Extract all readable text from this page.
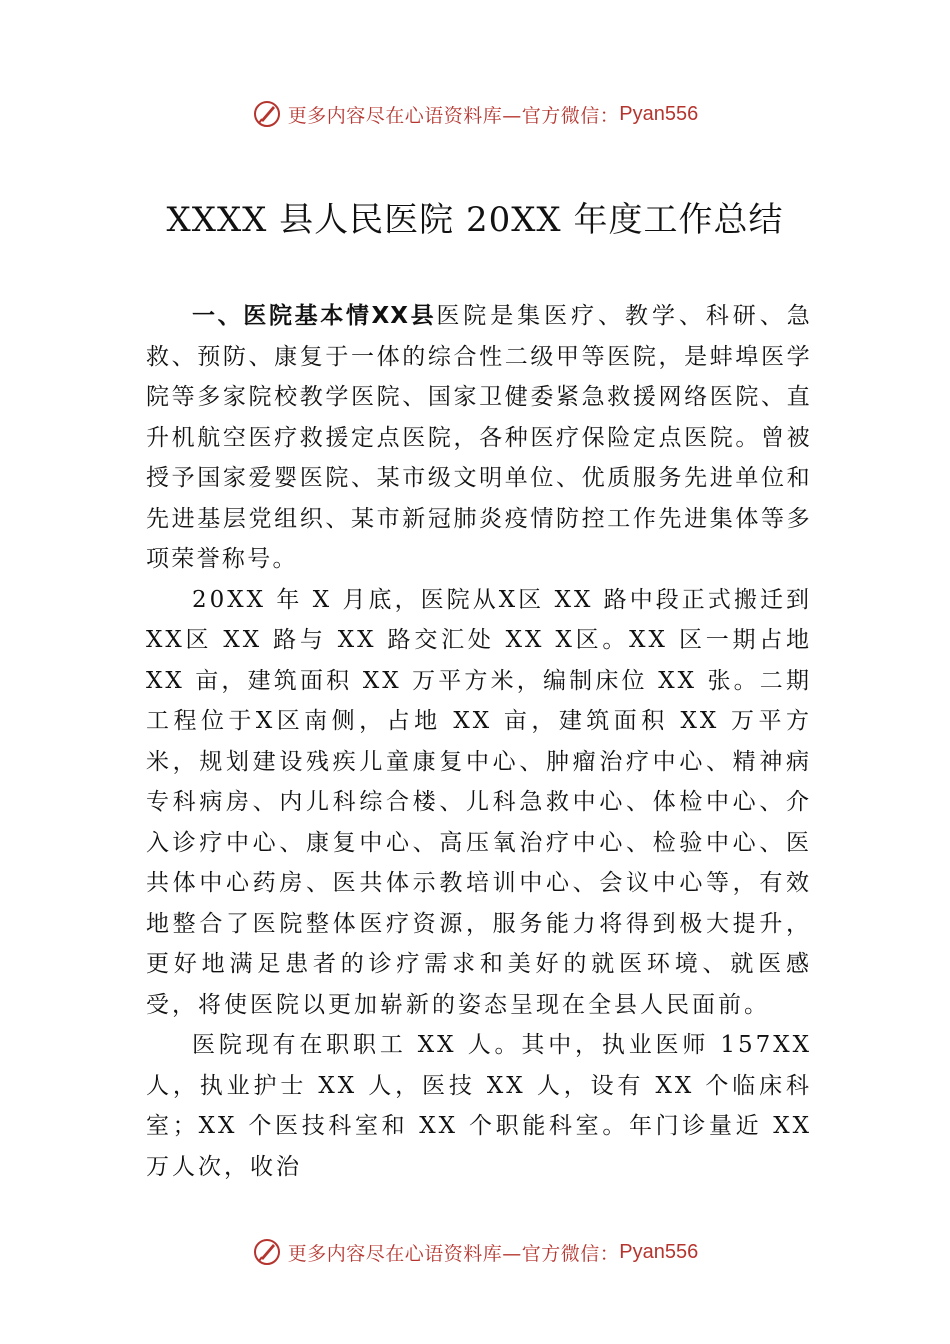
更多内容尽在心语资料库—官方微信： Pyan556
XXXX 县人民医院 20XX 年度工作总结

一、医院基本情XX县医院是集医疗、教学、科研、急救、预防、康复于一体的综合性二级甲等医院，是蚌埠医学院等多家院校教学医院、国家卫健委紧急救援网络医院、直升机航空医疗救援定点医院，各种医疗保险定点医院。曾被授予国家爱婴医院、某市级文明单位、优质服务先进单位和先进基层党组织、某市新冠肺炎疫情防控工作先进集体等多项荣誉称号。

20XX 年 X 月底，医院从X区 XX 路中段正式搬迁到 XX区 XX 路与 XX 路交汇处 XX X区。XX 区一期占地 XX 亩，建筑面积 XX 万平方米，编制床位 XX 张。二期工程位于X区南侧，占地 XX 亩，建筑面积 XX 万平方米，规划建设残疾儿童康复中心、肿瘤治疗中心、精神病专科病房、内儿科综合楼、儿科急救中心、体检中心、介入诊疗中心、康复中心、高压氧治疗中心、检验中心、医共体中心药房、医共体示教培训中心、会议中心等，有效地整合了医院整体医疗资源，服务能力将得到极大提升，更好地满足患者的诊疗需求和美好的就医环境、就医感受，将使医院以更加崭新的姿态呈现在全县人民面前。

医院现有在职职工 XX 人。其中，执业医师 157XX 人，执业护士 XX 人，医技 XX 人，设有 XX 个临床科室；XX 个医技科室和 XX 个职能科室。年门诊量近 XX 万人次，收治

更多内容尽在心语资料库—官方微信： Pyan556
